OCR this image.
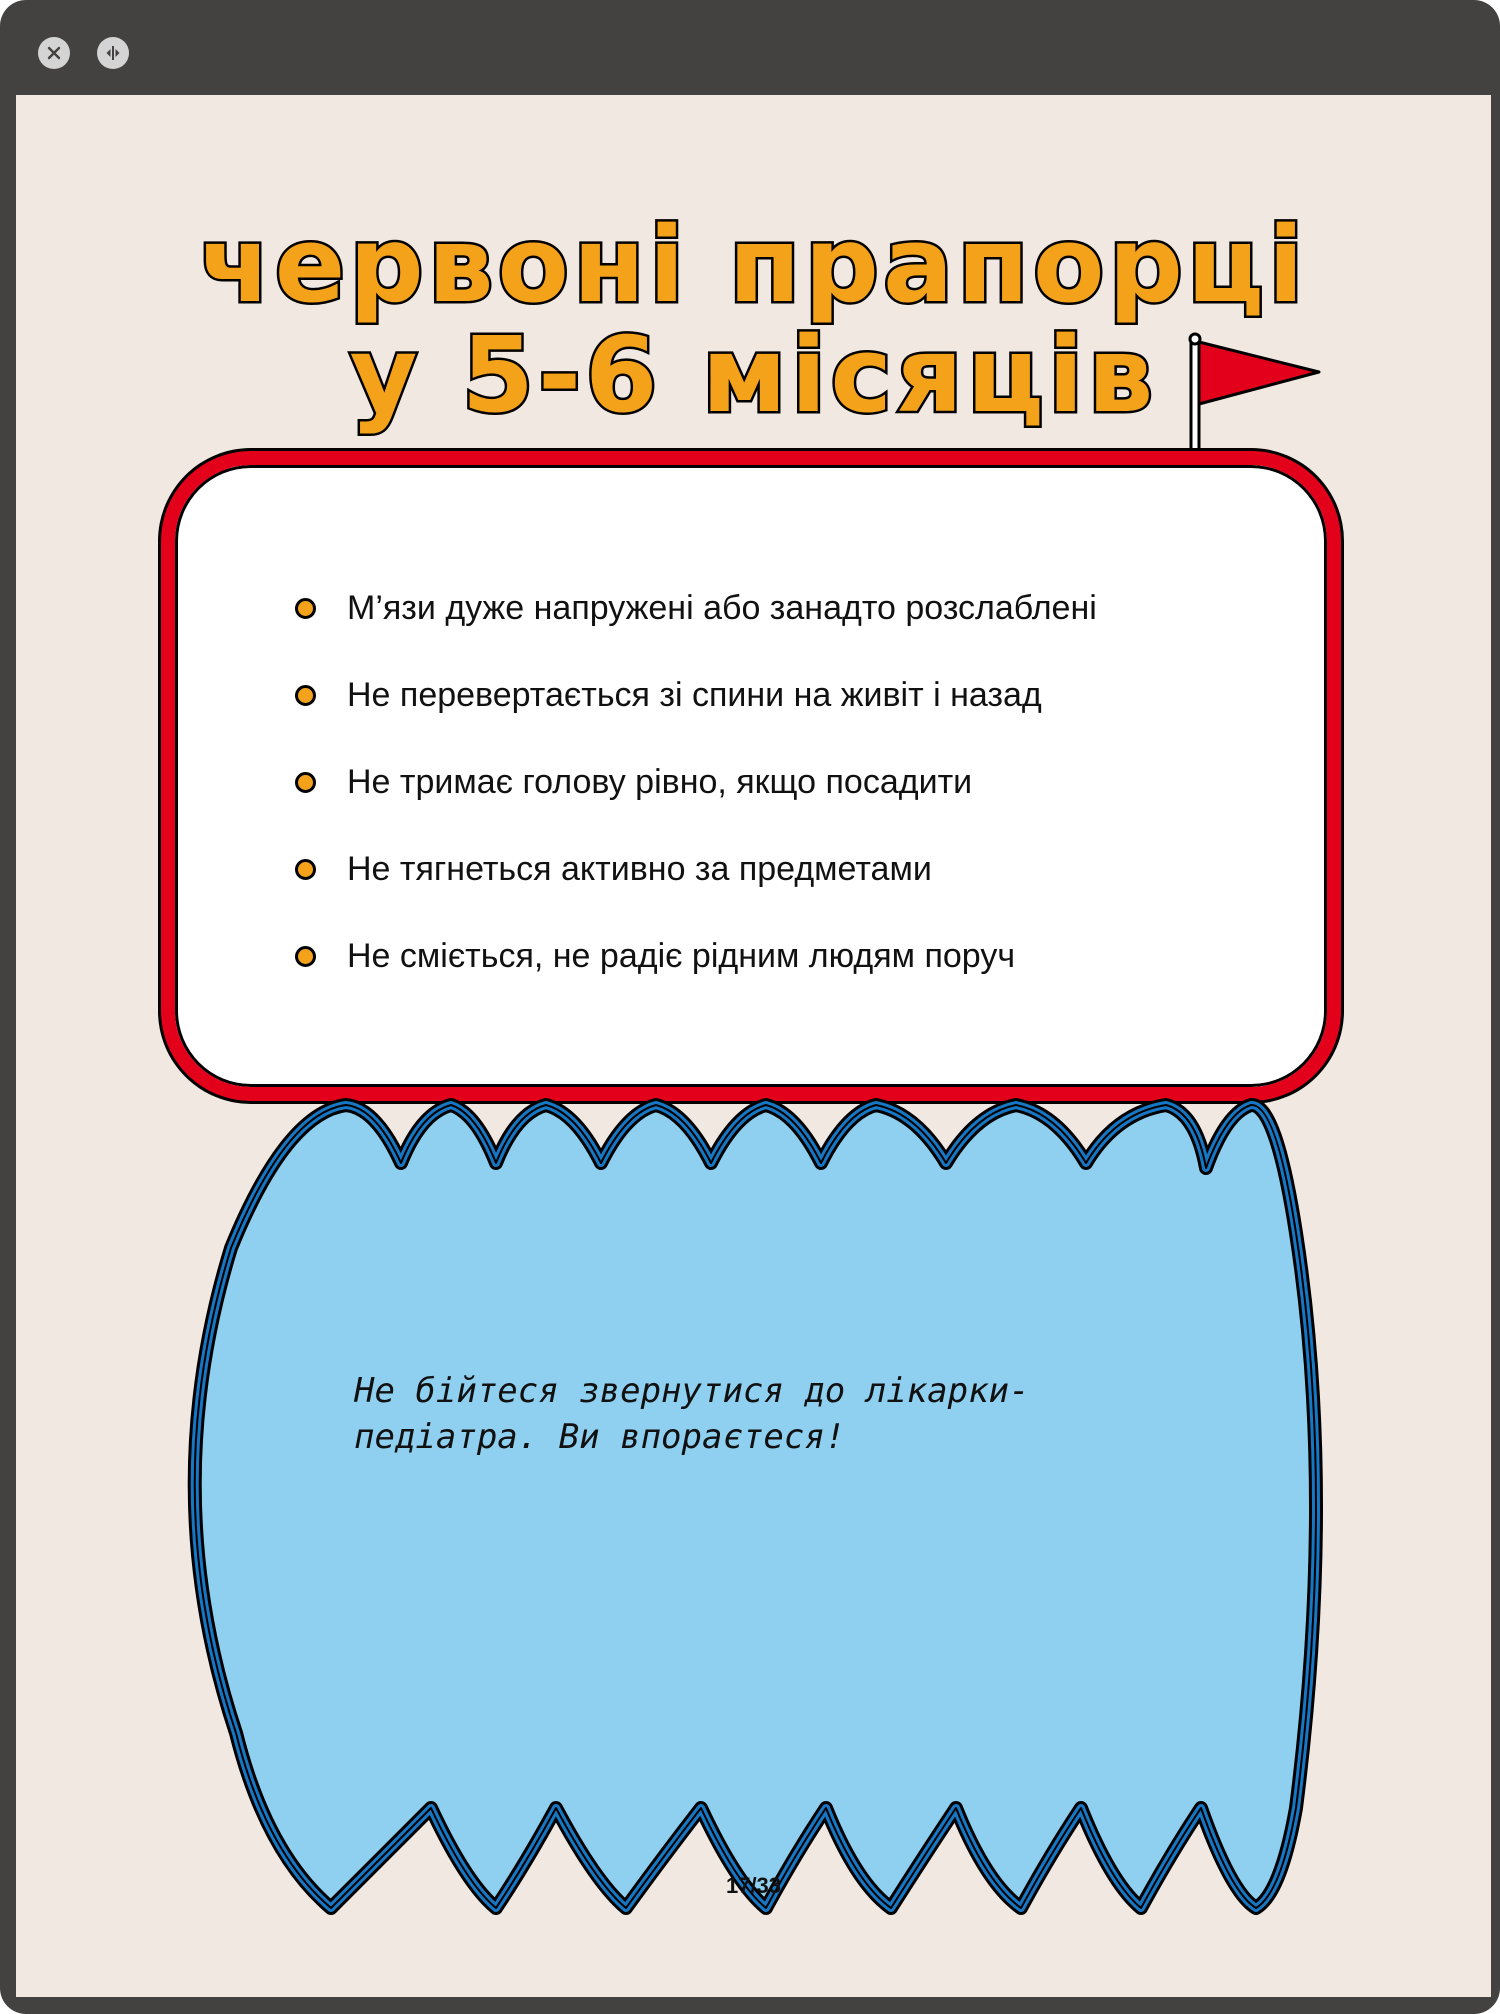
червоні прапорці
у 5-6 місяців
М’язи дуже напружені або занадто розслаблені
Не перевертається зі спини на живіт і назад
Не тримає голову рівно, якщо посадити
Не тягнеться активно за предметами
Не сміється, не радіє рідним людям поруч
Не бійтеся звернутися до лікарки-
педіатра. Ви впораєтеся!
17/33
